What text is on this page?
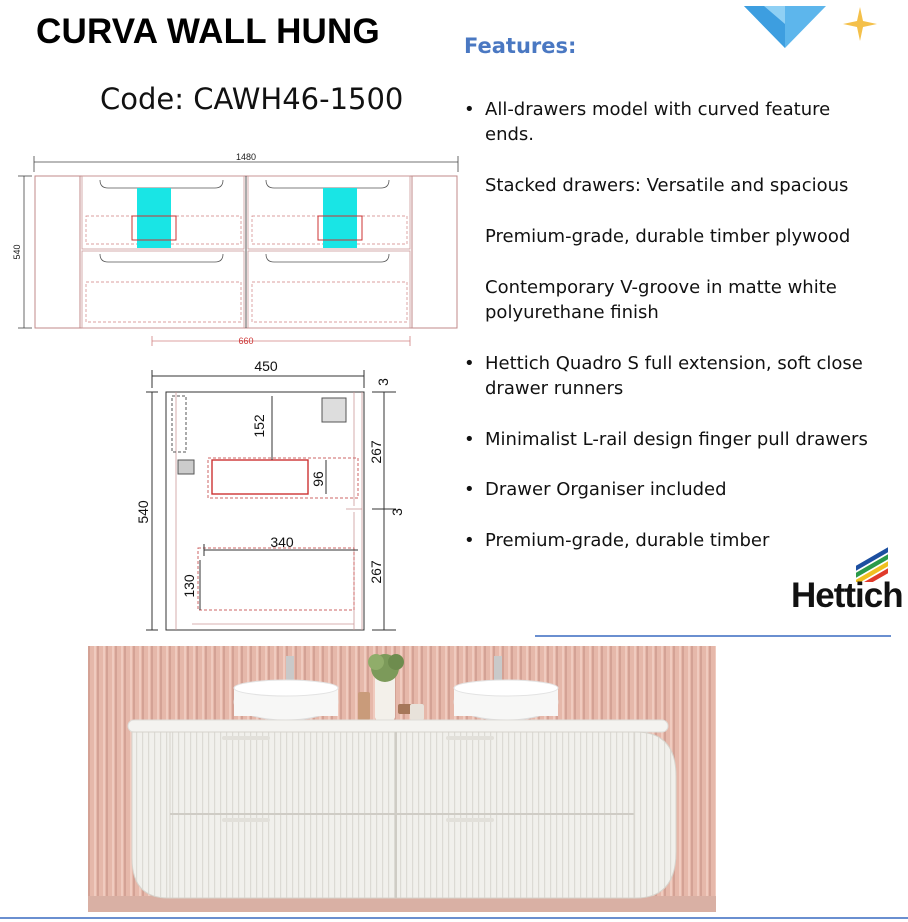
CURVA WALL HUNG
Code: CAWH46-1500
Features:
• All-drawers model with curved feature
ends.
Stacked drawers: Versatile and spacious
Premium-grade, durable timber plywood
Contemporary V-groove in matte white
polyurethane finish
• Hettich Quadro S full extension, soft close
drawer runners
• Minimalist L-rail design finger pull drawers
• Drawer Organiser included
• Premium-grade, durable timber
Hettich
1480
540
660
450
540
96
152
340
130
3
267
3
267
